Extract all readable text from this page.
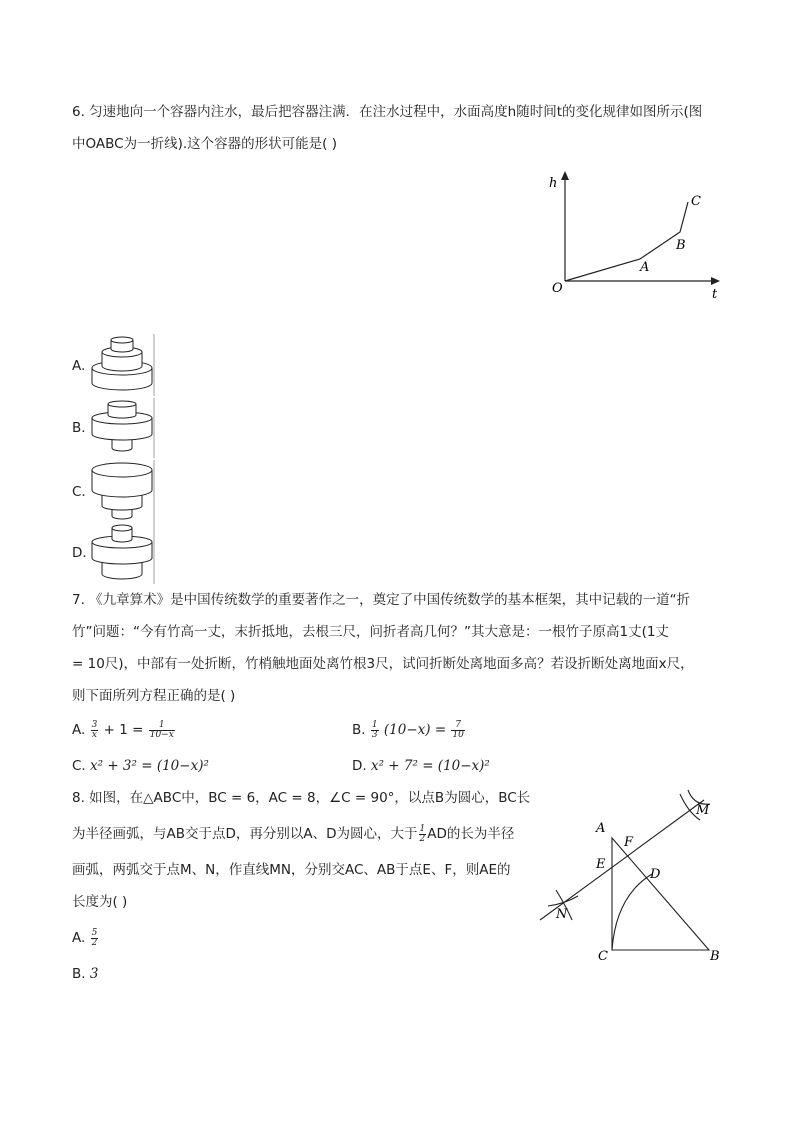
6. 匀速地向一个容器内注水，最后把容器注满．在注水过程中，水面高度h随时间t的变化规律如图所示(图
中OABC为一折线).这个容器的形状可能是( )
h
t
O
A
B
C
A.
B.
C.
D.
7. 《九章算术》是中国传统数学的重要著作之一，奠定了中国传统数学的基本框架，其中记载的一道“折
竹”问题：“今有竹高一丈，末折抵地，去根三尺，问折者高几何？”其大意是：一根竹子原高1丈(1丈
= 10尺)，中部有一处折断，竹梢触地面处离竹根3尺，试问折断处离地面多高？若设折断处离地面x尺，
则下面所列方程正确的是( )
A. $\frac{3}{x} + 1 = \frac{1}{10-x}$	B. $\frac{1}{3} (10-x) = \frac{7}{10}$
C. x² + 3² = (10−x)²	D. x² + 7² = (10−x)²
8. 如图，在△ABC中，BC = 6，AC = 8，∠C = 90°，以点B为圆心，BC长
为半径画弧，与AB交于点D，再分别以A、D为圆心，大于 $\frac{1}{2}$ AD的长为半径
画弧，两弧交于点M、N，作直线MN，分别交AC、AB于点E、F，则AE的
长度为( )
A. $\frac{5}{2}$
B. 3
A
F
E
D
M
N
C	B
